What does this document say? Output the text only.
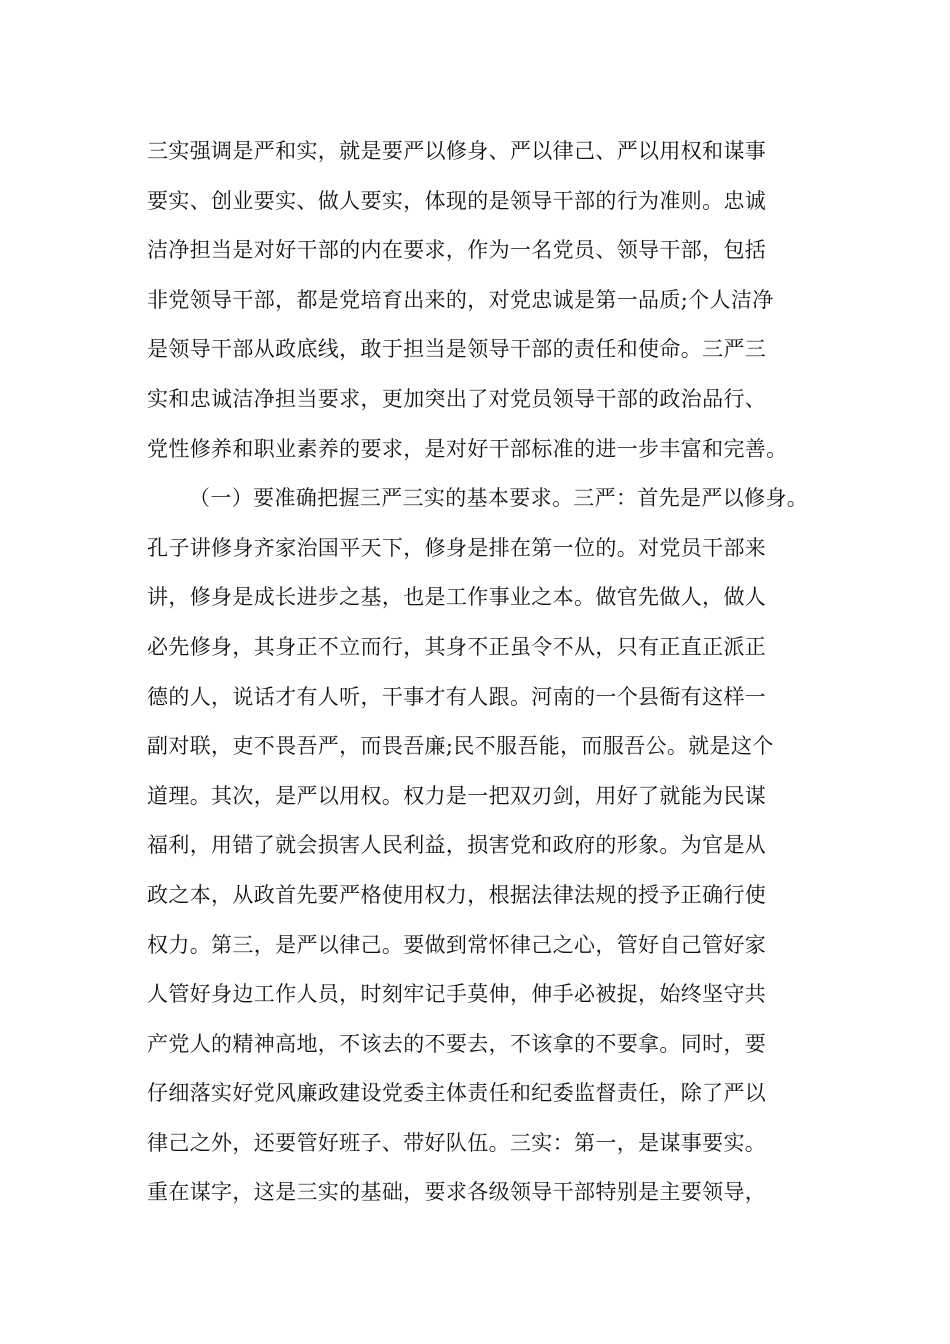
三实强调是严和实，就是要严以修身、严以律己、严以用权和谋事
要实、创业要实、做人要实，体现的是领导干部的行为准则。忠诚
洁净担当是对好干部的内在要求，作为一名党员、领导干部，包括
非党领导干部，都是党培育出来的，对党忠诚是第一品质;个人洁净
是领导干部从政底线，敢于担当是领导干部的责任和使命。三严三
实和忠诚洁净担当要求，更加突出了对党员领导干部的政治品行、
党性修养和职业素养的要求，是对好干部标准的进一步丰富和完善。
（一）要准确把握三严三实的基本要求。三严：首先是严以修身。
孔子讲修身齐家治国平天下，修身是排在第一位的。对党员干部来
讲，修身是成长进步之基，也是工作事业之本。做官先做人，做人
必先修身，其身正不立而行，其身不正虽令不从，只有正直正派正
德的人，说话才有人听，干事才有人跟。河南的一个县衙有这样一
副对联，吏不畏吾严，而畏吾廉;民不服吾能，而服吾公。就是这个
道理。其次，是严以用权。权力是一把双刃剑，用好了就能为民谋
福利，用错了就会损害人民利益，损害党和政府的形象。为官是从
政之本，从政首先要严格使用权力，根据法律法规的授予正确行使
权力。第三，是严以律己。要做到常怀律己之心，管好自己管好家
人管好身边工作人员，时刻牢记手莫伸，伸手必被捉，始终坚守共
产党人的精神高地，不该去的不要去，不该拿的不要拿。同时，要
仔细落实好党风廉政建设党委主体责任和纪委监督责任，除了严以
律己之外，还要管好班子、带好队伍。三实：第一，是谋事要实。
重在谋字，这是三实的基础，要求各级领导干部特别是主要领导，
